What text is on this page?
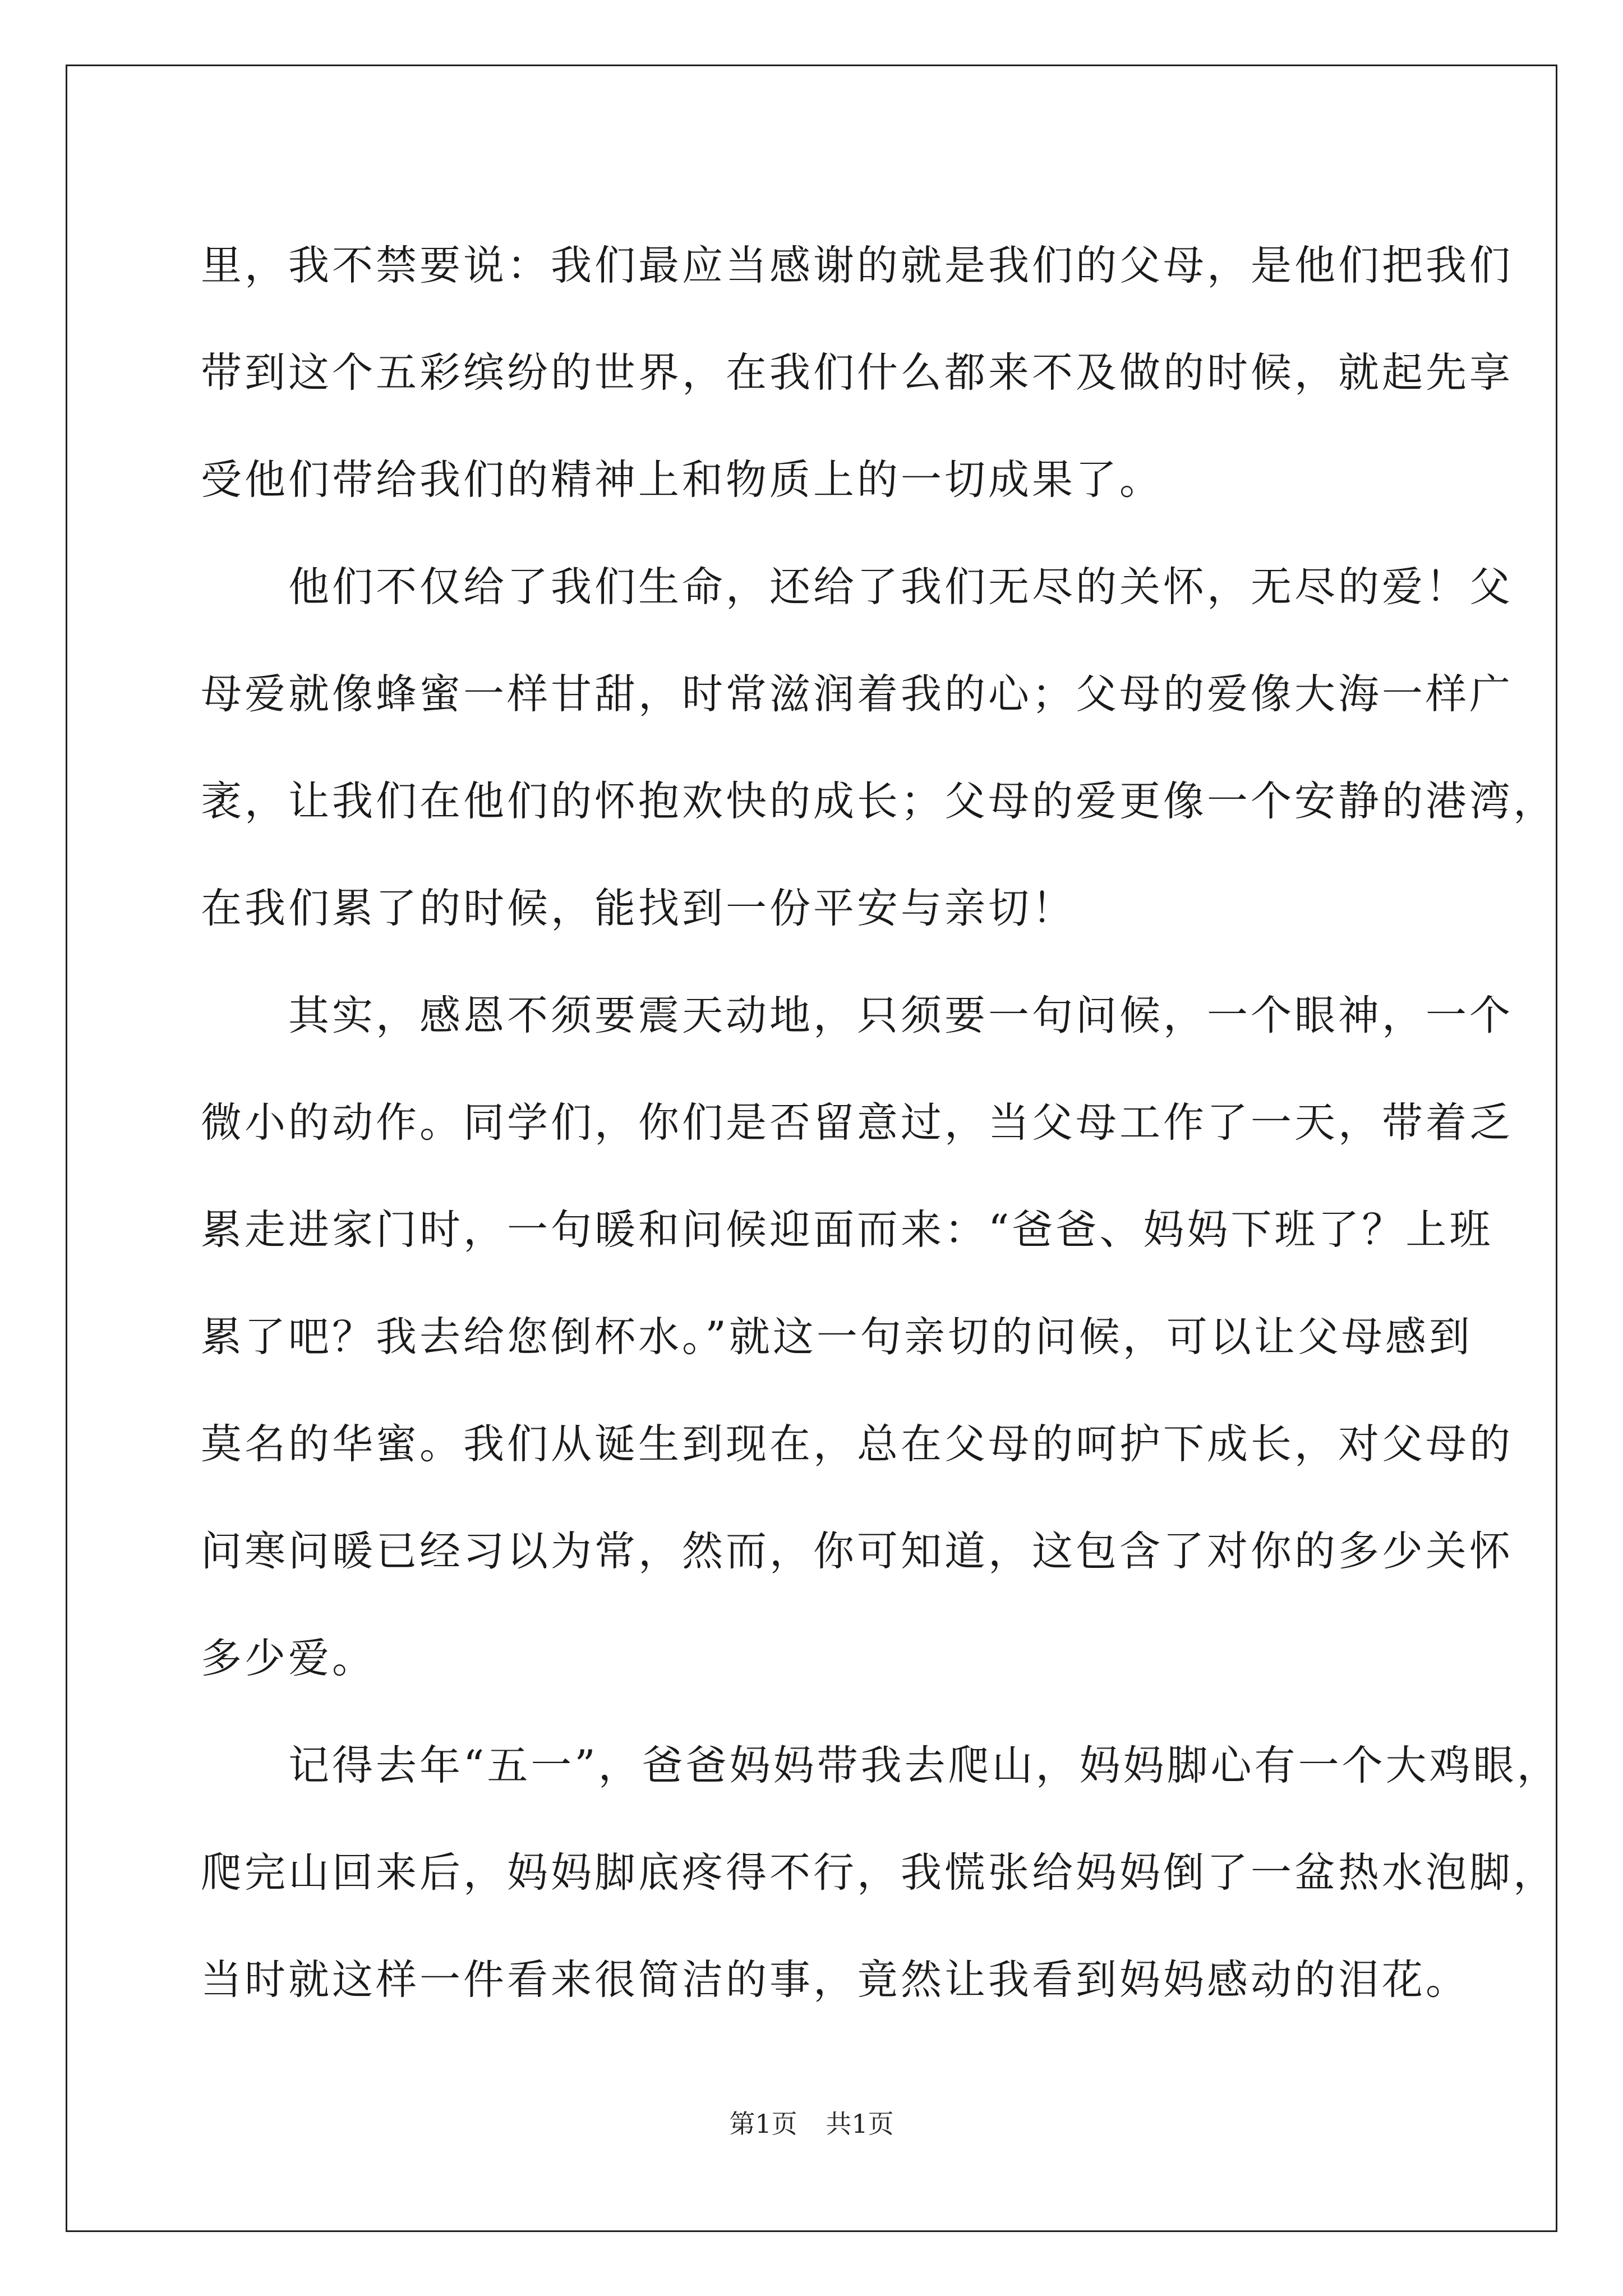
里，我不禁要说：我们最应当感谢的就是我们的父母，是他们把我们
带到这个五彩缤纷的世界，在我们什么都来不及做的时候，就起先享
受他们带给我们的精神上和物质上的一切成果了。
　　他们不仅给了我们生命，还给了我们无尽的关怀，无尽的爱！父
母爱就像蜂蜜一样甘甜，时常滋润着我的心；父母的爱像大海一样广
袤，让我们在他们的怀抱欢快的成长；父母的爱更像一个安静的港湾，
在我们累了的时候，能找到一份平安与亲切！
　　其实，感恩不须要震天动地，只须要一句问候，一个眼神，一个
微小的动作。同学们，你们是否留意过，当父母工作了一天，带着乏
累走进家门时，一句暖和问候迎面而来：“爸爸、妈妈下班了？上班
累了吧？我去给您倒杯水。”就这一句亲切的问候，可以让父母感到
莫名的华蜜。我们从诞生到现在，总在父母的呵护下成长，对父母的
问寒问暖已经习以为常，然而，你可知道，这包含了对你的多少关怀
多少爱。
　　记得去年“五一”，爸爸妈妈带我去爬山，妈妈脚心有一个大鸡眼，
爬完山回来后，妈妈脚底疼得不行，我慌张给妈妈倒了一盆热水泡脚，
当时就这样一件看来很简洁的事，竟然让我看到妈妈感动的泪花。
第1页 共1页
